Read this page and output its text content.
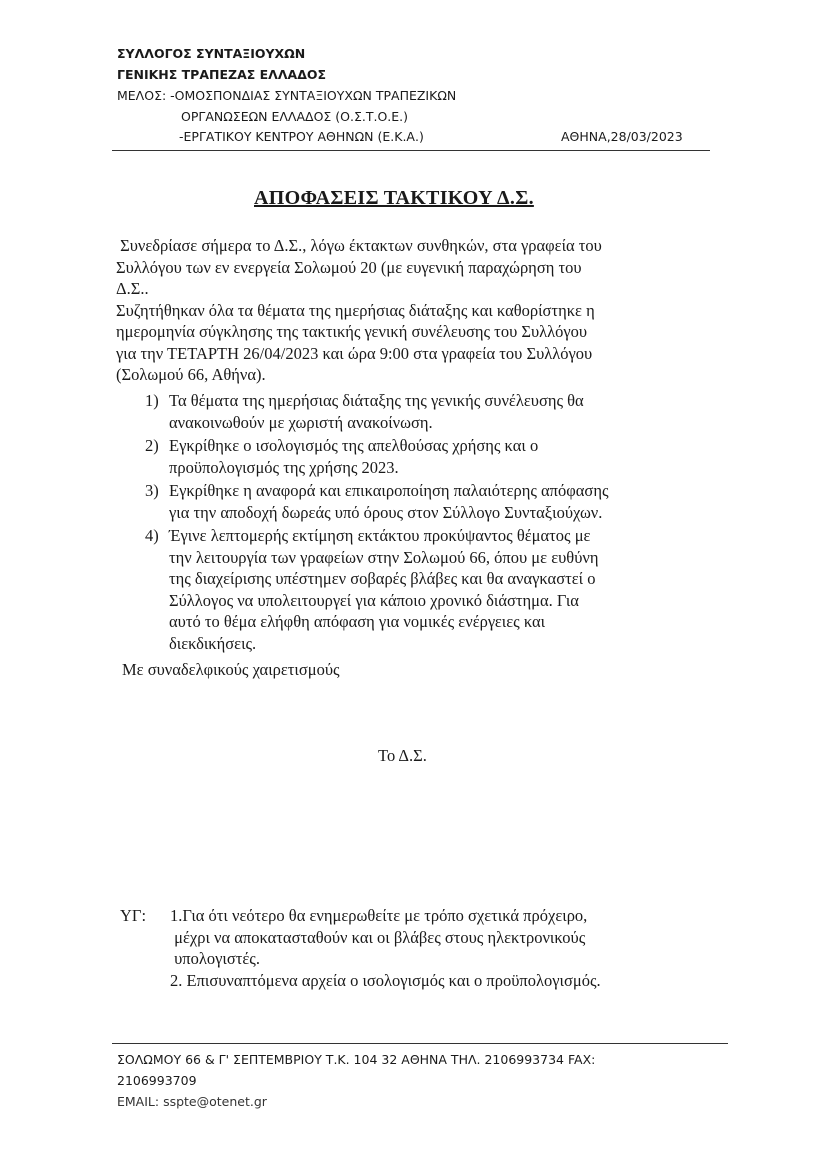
ΣΥΛΛΟΓΟΣ ΣΥΝΤΑΞΙΟΥΧΩΝ
ΓΕΝΙΚΗΣ ΤΡΑΠΕΖΑΣ ΕΛΛΑΔΟΣ
ΜΕΛΟΣ: -ΟΜΟΣΠΟΝΔΙΑΣ ΣΥΝΤΑΞΙΟΥΧΩΝ ΤΡΑΠΕΖΙΚΩΝ
ΟΡΓΑΝΩΣΕΩΝ ΕΛΛΑΔΟΣ (Ο.Σ.Τ.Ο.Ε.)
-ΕΡΓΑΤΙΚΟΥ ΚΕΝΤΡΟΥ ΑΘΗΝΩΝ (Ε.Κ.Α.)	ΑΘΗΝΑ,28/03/2023
ΑΠΟΦΑΣΕΙΣ ΤΑΚΤΙΚΟΥ Δ.Σ.
Συνεδρίασε σήμερα το Δ.Σ., λόγω έκτακτων συνθηκών, στα γραφεία του
Συλλόγου των εν ενεργεία Σολωμού 20 (με ευγενική παραχώρηση του
Δ.Σ..
Συζητήθηκαν όλα τα θέματα της ημερήσιας διάταξης και καθορίστηκε η
ημερομηνία σύγκλησης της τακτικής γενική συνέλευσης του Συλλόγου
για την ΤΕΤΑΡΤΗ 26/04/2023 και ώρα 9:00 στα γραφεία του Συλλόγου
(Σολωμού 66, Αθήνα).
1) Τα θέματα της ημερήσιας διάταξης της γενικής συνέλευσης θα
ανακοινωθούν με χωριστή ανακοίνωση.
2) Εγκρίθηκε ο ισολογισμός της απελθούσας χρήσης και ο
προϋπολογισμός της χρήσης 2023.
3) Εγκρίθηκε η αναφορά και επικαιροποίηση παλαιότερης απόφασης
για την αποδοχή δωρεάς υπό όρους στον Σύλλογο Συνταξιούχων.
4) Έγινε λεπτομερής εκτίμηση εκτάκτου προκύψαντος θέματος με
την λειτουργία των γραφείων στην Σολωμού 66, όπου με ευθύνη
της διαχείρισης υπέστημεν σοβαρές βλάβες και θα αναγκαστεί ο
Σύλλογος να υπολειτουργεί για κάποιο χρονικό διάστημα. Για
αυτό το θέμα ελήφθη απόφαση για νομικές ενέργειες και
διεκδικήσεις.
Με συναδελφικούς χαιρετισμούς
Το Δ.Σ.
ΥΓ: 1.Για ότι νεότερο θα ενημερωθείτε με τρόπο σχετικά πρόχειρο,
μέχρι να αποκατασταθούν και οι βλάβες στους ηλεκτρονικούς
υπολογιστές.
2. Επισυναπτόμενα αρχεία ο ισολογισμός και ο προϋπολογισμός.
ΣΟΛΩΜΟΥ 66 & Γ' ΣΕΠΤΕΜΒΡΙΟΥ Τ.Κ. 104 32 ΑΘΗΝΑ ΤΗΛ. 2106993734 FAX:
2106993709
EMAIL: sspte@otenet.gr
